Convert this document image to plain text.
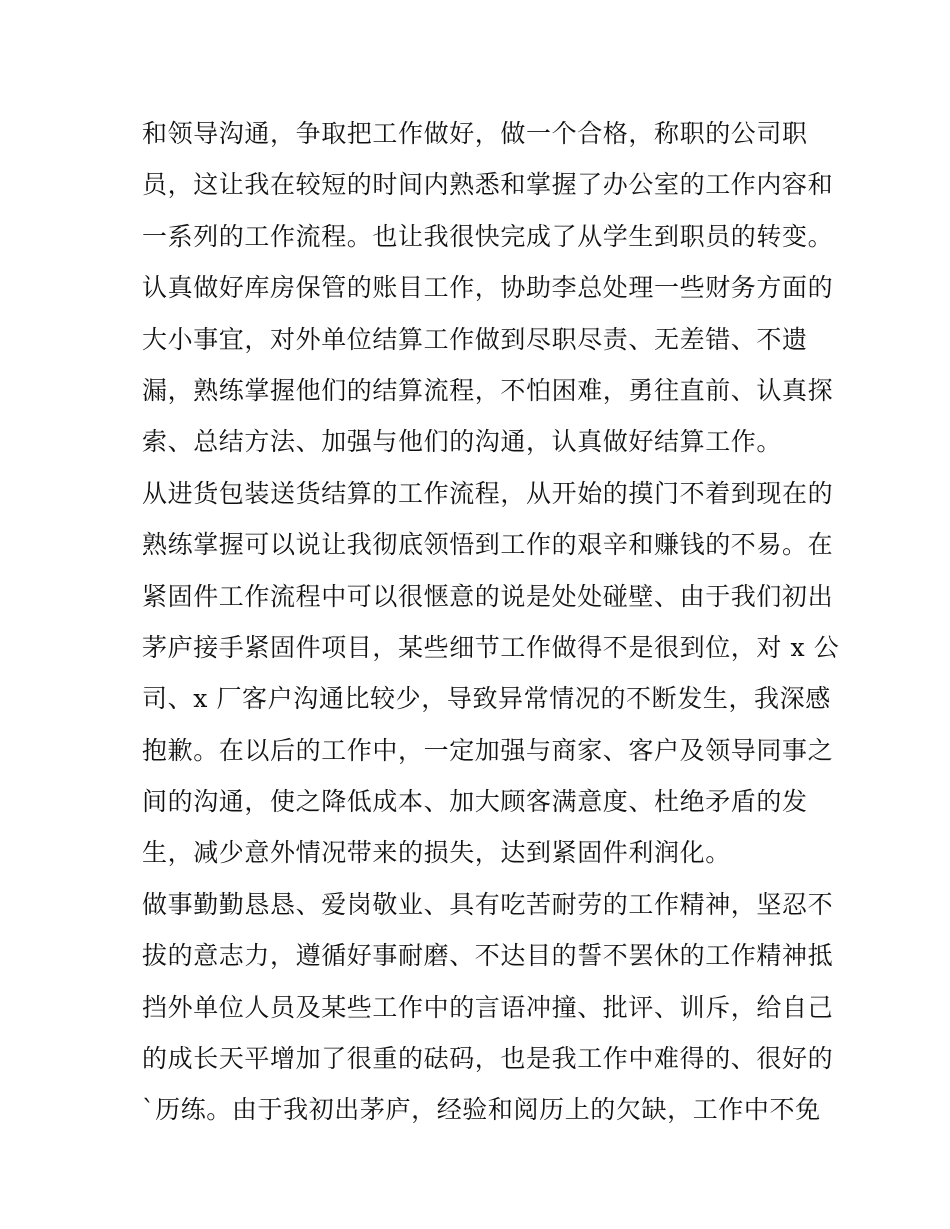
和领导沟通，争取把工作做好，做一个合格，称职的公司职
员，这让我在较短的时间内熟悉和掌握了办公室的工作内容和
一系列的工作流程。也让我很快完成了从学生到职员的转变。
认真做好库房保管的账目工作，协助李总处理一些财务方面的
大小事宜，对外单位结算工作做到尽职尽责、无差错、不遗
漏，熟练掌握他们的结算流程，不怕困难，勇往直前、认真探
索、总结方法、加强与他们的沟通，认真做好结算工作。
从进货包装送货结算的工作流程，从开始的摸门不着到现在的
熟练掌握可以说让我彻底领悟到工作的艰辛和赚钱的不易。在
紧固件工作流程中可以很惬意的说是处处碰壁、由于我们初出
茅庐接手紧固件项目，某些细节工作做得不是很到位，对 x 公
司、x 厂客户沟通比较少，导致异常情况的不断发生，我深感
抱歉。在以后的工作中，一定加强与商家、客户及领导同事之
间的沟通，使之降低成本、加大顾客满意度、杜绝矛盾的发
生，减少意外情况带来的损失，达到紧固件利润化。
做事勤勤恳恳、爱岗敬业、具有吃苦耐劳的工作精神，坚忍不
拔的意志力，遵循好事耐磨、不达目的誓不罢休的工作精神抵
挡外单位人员及某些工作中的言语冲撞、批评、训斥，给自己
的成长天平增加了很重的砝码，也是我工作中难得的、很好的
`历练。由于我初出茅庐，经验和阅历上的欠缺，工作中不免
